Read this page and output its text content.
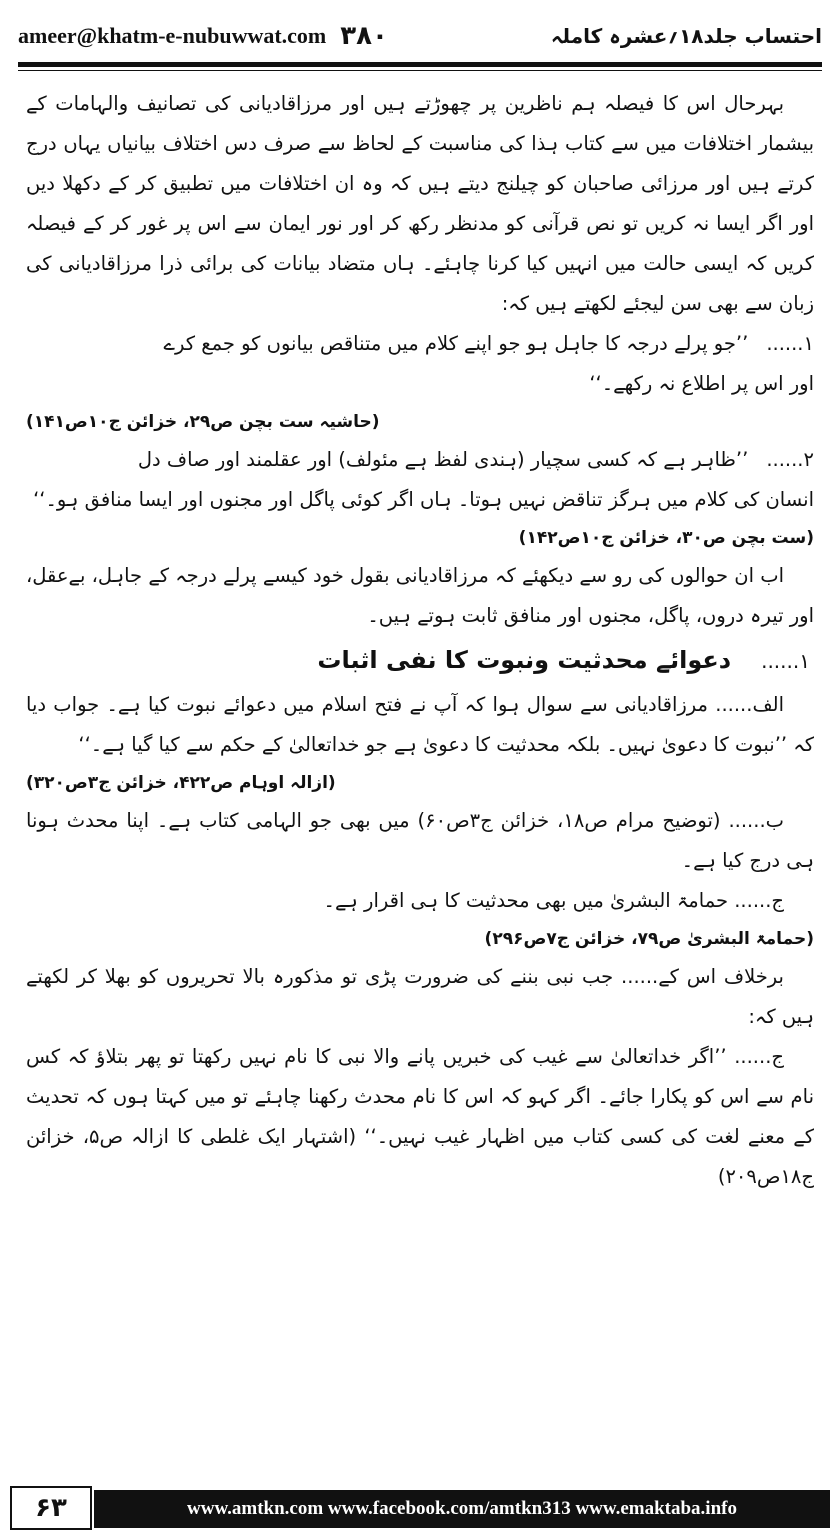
ameer@khatm-e-nubuwwat.com ۳۸۰	احتساب جلد۱۸؍عشرہ کاملہ

بہرحال اس کا فیصلہ ہم ناظرین پر چھوڑتے ہیں اور مرزاقادیانی کی تصانیف والہامات کے بیشمار اختلافات میں سے کتاب ہذا کی مناسبت کے لحاظ سے صرف دس اختلاف بیانیاں یہاں درج کرتے ہیں اور مرزائی صاحبان کو چیلنج دیتے ہیں کہ وہ ان اختلافات میں تطبیق کر کے دکھلا دیں اور اگر ایسا نہ کریں تو نص قرآنی کو مدنظر رکھ کر اور نور ایمان سے اس پر غور کر کے فیصلہ کریں کہ ایسی حالت میں انہیں کیا کرنا چاہئے۔ ہاں متضاد بیانات کی برائی ذرا مرزاقادیانی کی زبان سے بھی سن لیجئے لکھتے ہیں کہ:

۱......’’جو پرلے درجہ کا جاہل ہو جو اپنے کلام میں متناقص بیانوں کو جمع کرے

اور اس پر اطلاع نہ رکھے۔‘‘

(حاشیہ ست بچن ص۲۹، خزائن ج۱۰ص۱۴۱)

۲......’’ظاہر ہے کہ کسی سچیار (ہندی لفظ ہے مئولف) اور عقلمند اور صاف دل

انسان کی کلام میں ہرگز تناقض نہیں ہوتا۔ ہاں اگر کوئی پاگل اور مجنوں اور ایسا منافق ہو۔‘‘

(ست بچن ص۳۰، خزائن ج۱۰ص۱۴۲)

اب ان حوالوں کی رو سے دیکھئے کہ مرزاقادیانی بقول خود کیسے پرلے درجہ کے جاہل، بےعقل، اور تیرہ دروں، پاگل، مجنوں اور منافق ثابت ہوتے ہیں۔

۱......دعوائے محدثیت ونبوت کا نفی اثبات

الف...... مرزاقادیانی سے سوال ہوا کہ آپ نے فتح اسلام میں دعوائے نبوت کیا ہے۔ جواب دیا کہ ’’نبوت کا دعویٰ نہیں۔ بلکہ محدثیت کا دعویٰ ہے جو خداتعالیٰ کے حکم سے کیا گیا ہے۔‘‘

(ازالہ اوہام ص۴۲۲، خزائن ج۳ص۳۲۰)

ب...... (توضیح مرام ص۱۸، خزائن ج۳ص۶۰) میں بھی جو الہامی کتاب ہے۔ اپنا محدث ہونا ہی درج کیا ہے۔

ج...... حمامۃ البشریٰ میں بھی محدثیت کا ہی اقرار ہے۔

(حمامۃ البشریٰ ص۷۹، خزائن ج۷ص۲۹۶)

برخلاف اس کے...... جب نبی بننے کی ضرورت پڑی تو مذکورہ بالا تحریروں کو بھلا کر لکھتے ہیں کہ:

ج...... ’’اگر خداتعالیٰ سے غیب کی خبریں پانے والا نبی کا نام نہیں رکھتا تو پھر بتلاؤ کہ کس نام سے اس کو پکارا جائے۔ اگر کہو کہ اس کا نام محدث رکھنا چاہئے تو میں کہتا ہوں کہ تحدیث کے معنے لغت کی کسی کتاب میں اظہار غیب نہیں۔‘‘ (اشتہار ایک غلطی کا ازالہ ص۵، خزائن ج۱۸ص۲۰۹)

۶۳	www.amtkn.com www.facebook.com/amtkn313 www.emaktaba.info
